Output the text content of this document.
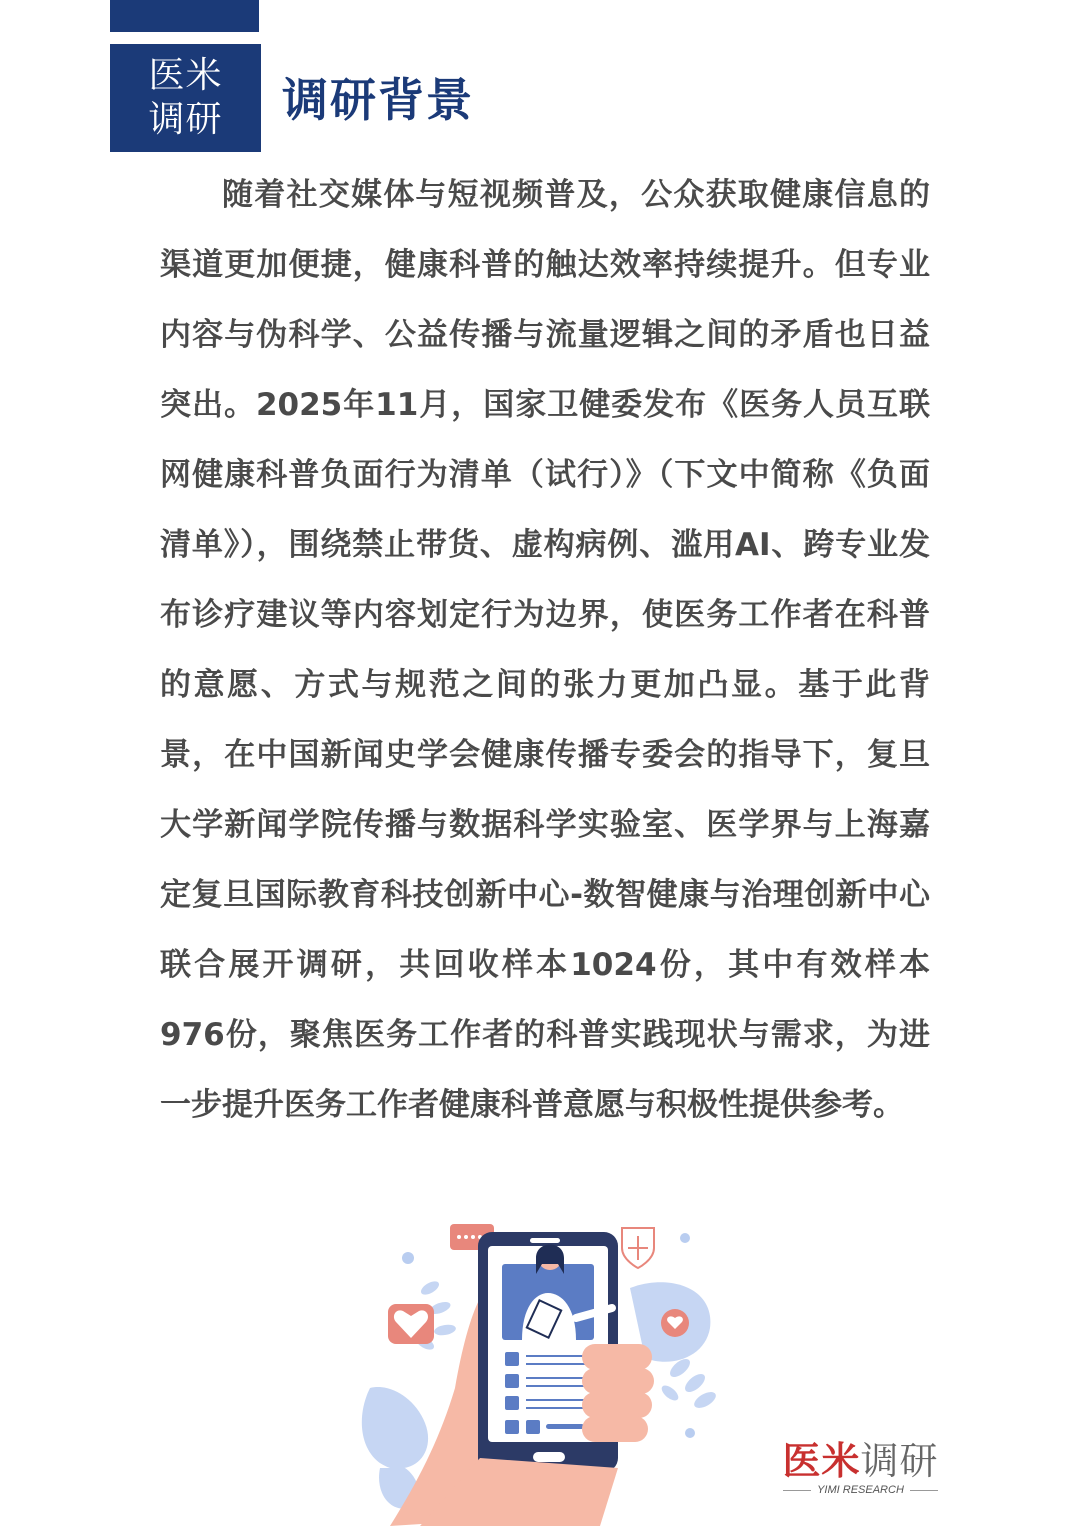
医米
调研 调研背景

随着社交媒体与短视频普及，公众获取健康信息的渠道更加便捷，健康科普的触达效率持续提升。但专业内容与伪科学、公益传播与流量逻辑之间的矛盾也日益突出。2025年11月，国家卫健委发布《医务人员互联网健康科普负面行为清单（试行）》（下文中简称《负面清单》），围绕禁止带货、虚构病例、滥用AI、跨专业发布诊疗建议等内容划定行为边界，使医务工作者在科普的意愿、方式与规范之间的张力更加凸显。基于此背景，在中国新闻史学会健康传播专委会的指导下，复旦大学新闻学院传播与数据科学实验室、医学界与上海嘉定复旦国际教育科技创新中心-数智健康与治理创新中心联合展开调研，共回收样本1024份，其中有效样本976份，聚焦医务工作者的科普实践现状与需求，为进一步提升医务工作者健康科普意愿与积极性提供参考。

医米调研
YIMI RESEARCH
